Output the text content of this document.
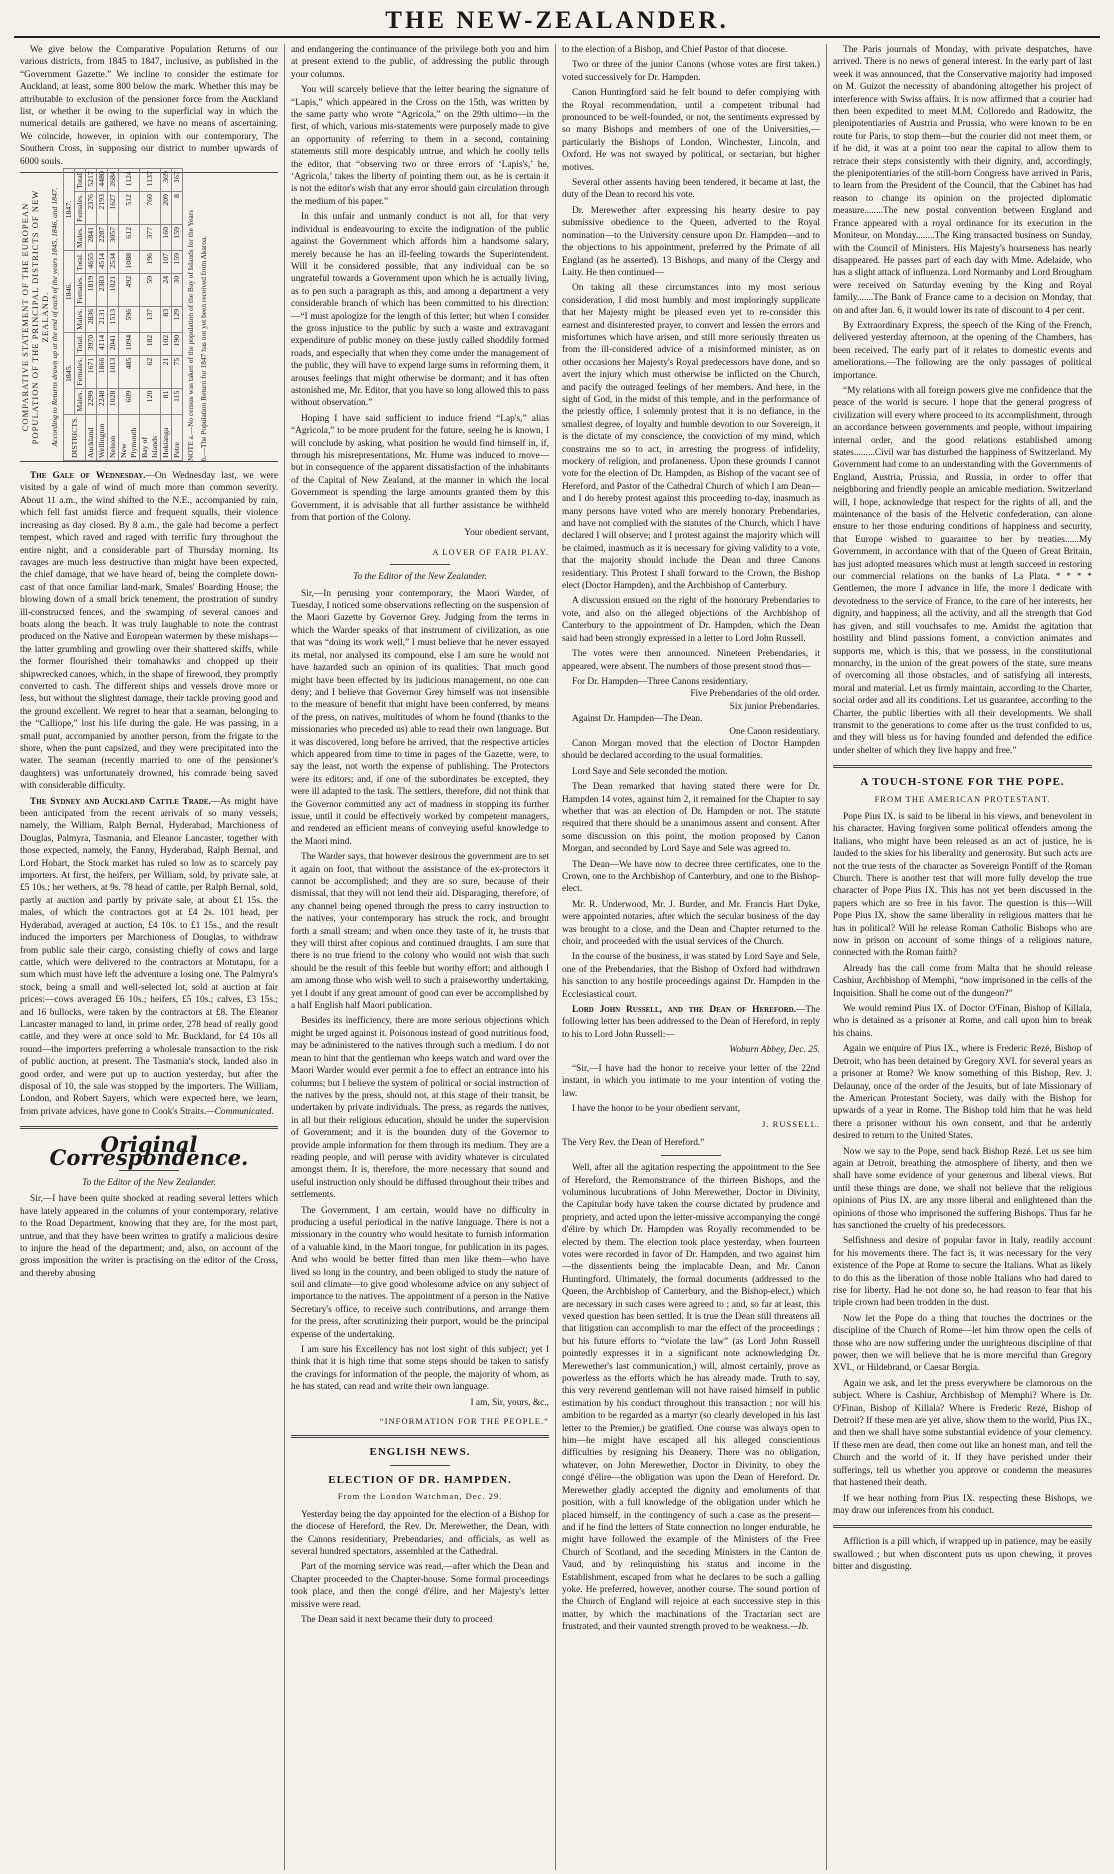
THE NEW-ZEALANDER.

We give below the Comparative Population Returns of our various districts, from 1845 to 1847, inclusive, as published in the “Government Gazette.” We incline to consider the estimate for Auckland, at least, some 800 below the mark. Whether this may be attributable to exclusion of the pensioner force from the Auckland list, or whether it be owing to the superficial way in which the numerical details are gathered, we have no means of ascertaining. We coincide, however, in opinion with our contemporary, The Southern Cross, in supposing our district to number upwards of 6000 souls.

COMPARATIVE STATEMENT OF THE EUROPEAN POPULATION OF THE PRINCIPAL DISTRICTS OF NEW ZEALAND. According to Returns drawn up at the end of each of the years 1845, 1846, and 1847. DISTRICTS.	1845.			1846.			1847.		
	Males.	Females.	Total.	Males.	Females.	Total.	Males.	Females.	Total.
Auckland	2299	1671	3970	2836	1819	4655	2841	2376	5217
Wellington	2248	1866	4114	2131	2383	4514	2287	2193	4480
Nelson	1028	1013	2041	1513	1021	2534	3057	1627	2684
New Plymouth	609	485	1094	596	492	1088	612	512	1124
Bay of Islands	120	62	182	137	59	196	377	760	1137
Hokianga	81	21	102	83	24	107	160	209	369
Petre	115	75	190	129	30	159	159	8	167
NOTE a.—No census was taken of the population of the Bay of Islands for the Years b.—The Population Return for 1847 has not yet been received from Akaroa.

The Gale of Wednesday.—On Wednesday last, we were visited by a gale of wind of much more than common severity. About 11 a.m., the wind shifted to the N.E., accompanied by rain, which fell fast amidst fierce and frequent squalls, their violence increasing as day closed. By 8 a.m., the gale had become a perfect tempest, which raved and raged with terrific fury throughout the entire night, and a considerable part of Thursday morning. Its ravages are much less destructive than might have been expected, the chief damage, that we have heard of, being the complete down-cast of that once familiar land-mark, Smales' Boarding House; the blowing down of a small brick tenement, the prostration of sundry ill-constructed fences, and the swamping of several canoes and boats along the beach. It was truly laughable to note the contrast produced on the Native and European watermen by these mishaps—the latter grumbling and growling over their shattered skiffs, while the former flourished their tomahawks and chopped up their shipwrecked canoes, which, in the shape of firewood, they promptly converted to cash. The different ships and vessels drove more or less, but without the slightest damage, their tackle proving good and the ground excellent. We regret to hear that a seaman, belonging to the “Calliope,” lost his life during the gale. He was passing, in a small punt, accompanied by another person, from the frigate to the shore, when the punt capsized, and they were precipitated into the water. The seaman (recently married to one of the pensioner's daughters) was unfortunately drowned, his comrade being saved with considerable difficulty.

The Sydney and Auckland Cattle Trade.—As might have been anticipated from the recent arrivals of so many vessels, namely, the William, Ralph Bernal, Hyderabad, Marchioness of Douglas, Palmyra, Tasmania, and Eleanor Lancaster, together with those expected, namely, the Fanny, Hyderabad, Ralph Bernal, and Lord Hobart, the Stock market has ruled so low as to scarcely pay importers. At first, the heifers, per William, sold, by private sale, at £5 10s.; her wethers, at 9s. 78 head of cattle, per Ralph Bernal, sold, partly at auction and partly by private sale, at about £1 15s. the males, of which the contractors got at £4 2s. 101 head, per Hyderabad, averaged at auction, £4 10s. to £1 15s., and the result induced the importers per Marchioness of Douglas, to withdraw from public sale their cargo, consisting chiefly of cows and large cattle, which were delivered to the contractors at Motutapu, for a sum which must have left the adventure a losing one. The Palmyra's stock, being a small and well-selected lot, sold at auction at fair prices:—cows averaged £6 10s.; heifers, £5 10s.; calves, £3 15s.; and 16 bullocks, were taken by the contractors at £8. The Eleanor Lancaster managed to land, in prime order, 278 head of really good cattle, and they were at once sold to Mr. Buckland, for £4 10s all round—the importers preferring a wholesale transaction to the risk of public auction, at present. The Tasmania's stock, landed also in good order, and were put up to auction yesterday, but after the disposal of 10, the sale was stopped by the importers. The William, London, and Robert Sayers, which were expected here, we learn, from private advices, have gone to Cook's Straits.—Communicated.

Original Correspondence.
To the Editor of the New Zealander.

Sir,—I have been quite shocked at reading several letters which have lately appeared in the columns of your contemporary, relative to the Road Department, knowing that they are, for the most part, untrue, and that they have been written to gratify a malicious desire to injure the head of the department; and, also, on account of the gross imposition the writer is practising on the editor of the Cross, and thereby abusing

and endangering the continuance of the privilege both you and him at present extend to the public, of addressing the public through your columns.

You will scarcely believe that the letter bearing the signature of “Lapis,” which appeared in the Cross on the 15th, was written by the same party who wrote “Agricola,” on the 29th ultimo—in the first, of which, various mis-statements were purposely made to give an opportunity of referring to them in a second, containing statements still more despicably untrue, and which he coolly tells the editor, that “observing two or three errors of ‘Lapis's,’ he, ‘Agricola,’ takes the liberty of pointing them out, as he is certain it is not the editor's wish that any error should gain circulation through the medium of his paper.”

In this unfair and unmanly conduct is not all, for that very individual is endeavouring to excite the indignation of the public against the Government which affords him a handsome salary, merely because he has an ill-feeling towards the Superintendent. Will it be considered possible, that any individual can be so ungrateful towards a Government upon which he is actually living, as to pen such a paragraph as this, and among a department a very considerable branch of which has been committed to his direction:—“I must apologize for the length of this letter; but when I consider the gross injustice to the public by such a waste and extravagant expenditure of public money on these justly called shoddily formed roads, and especially that when they come under the management of the public, they will have to expend large sums in reforming them, it arouses feelings that might otherwise be dormant; and it has often astonished me, Mr. Editor, that you have so long allowed this to pass without observation.”

Hoping I have said sufficient to induce friend “Lap's,” alias “Agricola,” to be more prudent for the future, seeing he is known, I will conclude by asking, what position he would find himself in, if, through his misrepresentations, Mr. Hume was induced to move—but in consequence of the apparent dissatisfaction of the inhabitants of the Capital of New Zealand, at the manner in which the local Government is spending the large amounts granted them by this Government, it is advisable that all further assistance be withheld from that portion of the Colony.

Your obedient servant,
A LOVER OF FAIR PLAY.
To the Editor of the New Zealander.

Sir,—In perusing your contemporary, the Maori Warder, of Tuesday, I noticed some observations reflecting on the suspension of the Maori Gazette by Governor Grey. Judging from the terms in which the Warder speaks of that instrument of civilization, as one that was “doing its work well,” I must believe that he never essayed its metal, nor analysed its compound, else I am sure he would not have hazarded such an opinion of its qualities. That much good might have been effected by its judicious management, no one can deny; and I believe that Governor Grey himself was not insensible to the measure of benefit that might have been conferred, by means of the press, on natives, multitudes of whom he found (thanks to the missionaries who preceded us) able to read their own language. But it was discovered, long before he arrived, that the respective articles which appeared from time to time in pages of the Gazette, were, to say the least, not worth the expense of publishing. The Protectors were its editors; and, if one of the subordinates be excepted, they were ill adapted to the task. The settlers, therefore, did not think that the Governor committed any act of madness in stopping its further issue, until it could be effectively worked by competent managers, and rendered an efficient means of conveying useful knowledge to the Maori mind.

The Warder says, that however desirous the government are to set it again on foot, that without the assistance of the ex-protectors it cannot be accomplished; and they are so sure, because of their dismissal, that they will not lend their aid. Disparaging, therefore, of any channel being opened through the press to carry instruction to the natives, your contemporary has struck the rock, and brought forth a small stream; and when once they taste of it, he trusts that they will thirst after copious and continued draughts. I am sure that there is no true friend to the colony who would not wish that such should be the result of this feeble but worthy effort; and although I am among those who wish well to such a praiseworthy undertaking, yet I doubt if any great amount of good can ever be accomplished by a half English half Maori publication.

Besides its inefficiency, there are more serious objections which might be urged against it. Poisonous instead of good nutritious food, may be administered to the natives through such a medium. I do not mean to hint that the gentleman who keeps watch and ward over the Maori Warder would ever permit a foe to effect an entrance into his columns; but I believe the system of political or social instruction of the natives by the press, should not, at this stage of their transit, be undertaken by private individuals. The press, as regards the natives, in all but their religious education, should be under the supervision of Government; and it is the bounden duty of the Governor to provide ample information for them through its medium. They are a reading people, and will peruse with avidity whatever is circulated amongst them. It is, therefore, the more necessary that sound and useful instruction only should be diffused throughout their tribes and settlements.

The Government, I am certain, would have no difficulty in producing a useful periodical in the native language. There is not a missionary in the country who would hesitate to furnish information of a valuable kind, in the Maori tongue, for publication in its pages. And who would be better fitted than men like them—who have lived so long in the country, and been obliged to study the nature of soil and climate—to give good wholesome advice on any subject of importance to the natives. The appointment of a person in the Native Secretary's office, to receive such contributions, and arrange them for the press, after scrutinizing their purport, would be the principal expense of the undertaking.

I am sure his Excellency has not lost sight of this subject; yet I think that it is high time that some steps should be taken to satisfy the cravings for information of the people, the majority of whom, as he has stated, can read and write their own language.

I am, Sir, yours, &c.,
“INFORMATION FOR THE PEOPLE.”
ENGLISH NEWS.
ELECTION OF DR. HAMPDEN.
From the London Watchman, Dec. 29.

Yesterday being the day appointed for the election of a Bishop for the diocese of Hereford, the Rev. Dr. Merewether, the Dean, with the Canons residentiary, Prebendaries, and officials, as well as several hundred spectators, assembled at the Cathedral.

Part of the morning service was read,—after which the Dean and Chapter proceeded to the Chapter-house. Some formal proceedings took place, and then the congé d'élire, and her Majesty's letter missive were read.

The Dean said it next became their duty to proceed

to the election of a Bishop, and Chief Pastor of that diocese.

Two or three of the junior Canons (whose votes are first taken.) voted successively for Dr. Hampden.

Canon Huntingford said he felt bound to defer complying with the Royal recommendation, until a competent tribunal had pronounced to be well-founded, or not, the sentiments expressed by so many Bishops and members of one of the Universities,—particularly the Bishops of London, Winchester, Lincoln, and Oxford. He was not swayed by political, or sectarian, but higher motives.

Several other assents having been tendered, it became at last, the duty of the Dean to record his vote.

Dr. Merewether after expressing his hearty desire to pay submissive obedience to the Queen, adverted to the Royal nomination—to the University censure upon Dr. Hampden—and to the objections to his appointment, preferred by the Primate of all England (as he asserted). 13 Bishops, and many of the Clergy and Laity. He then continued—

On taking all these circumstances into my most serious consideration, I did most humbly and most imploringly supplicate that her Majesty might be pleased even yet to re-consider this earnest and disinterested prayer, to convert and lessen the errors and misfortunes which have arisen, and still more seriously threaten us from the ill-considered advice of a misinformed minister, as on other occasions her Majesty's Royal predecessors have done, and so avert the injury which must otherwise be inflicted on the Church, and pacify the outraged feelings of her members. And here, in the sight of God, in the midst of this temple, and in the performance of the priestly office, I solemnly protest that it is no defiance, in the smallest degree, of loyalty and humble devotion to our Sovereign, it is the dictate of my conscience, the conviction of my mind, which constrains me so to act, in arresting the progress of infidelity, mockery of religion, and profaneness. Upon these grounds I cannot vote for the election of Dr. Hampden, as Bishop of the vacant see of Hereford, and Pastor of the Cathedral Church of which I am Dean—and I do hereby protest against this proceeding to-day, inasmuch as many persons have voted who are merely honorary Prebendaries, and have not complied with the statutes of the Church, which I have declared I will observe; and I protest against the majority which will be claimed, inasmuch as it is necessary for giving validity to a vote, that the majority should include the Dean and three Canons residentiary. This Protest I shall forward to the Crown, the Bishop elect (Doctor Hampden), and the Archbishop of Canterbury.

A discussion ensued on the right of the honorary Prebendaries to vote, and also on the alleged objections of the Archbishop of Canterbury to the appointment of Dr. Hampden, which the Dean said had been strongly expressed in a letter to Lord John Russell.

The votes were then announced. Nineteen Prebendaries, it appeared, were absent. The numbers of those present stood thus—

For Dr. Hampden—Three Canons residentiary.

Five Prebendaries of the old order.

Six junior Prebendaries.

Against Dr. Hampden—The Dean.

One Canon residentiary.

Canon Morgan moved that the election of Doctor Hampden should be declared according to the usual formalities.

Lord Saye and Sele seconded the motion.

The Dean remarked that having stated there were for Dr. Hampden 14 votes, against him 2, it remained for the Chapter to say whether that was an election of Dr. Hampden or not. The statute required that there should be a unanimous assent and consent. After some discussion on this point, the motion proposed by Canon Morgan, and seconded by Lord Saye and Sele was agreed to.

The Dean—We have now to decree three certificates, one to the Crown, one to the Archbishop of Canterbury, and one to the Bishop-elect.

Mr. R. Underwood, Mr. J. Burder, and Mr. Francis Hart Dyke, were appointed notaries, after which the secular business of the day was brought to a close, and the Dean and Chapter returned to the choir, and proceeded with the usual services of the Church.

In the course of the business, it was stated by Lord Saye and Sele, one of the Prebendaries, that the Bishop of Oxford had withdrawn his sanction to any hostile proceedings against Dr. Hampden in the Ecclesiastical court.

Lord John Russell, and the Dean of Hereford.—The following letter has been addressed to the Dean of Hereford, in reply to his to Lord John Russell:—

Woburn Abbey, Dec. 25.

“Sir,—I have had the honor to receive your letter of the 22nd instant, in which you intimate to me your intention of voting the law.

I have the honor to be your obedient servant,

J. RUSSELL.

The Very Rev. the Dean of Hereford.”

Well, after all the agitation respecting the appointment to the See of Hereford, the Remonstrance of the thirteen Bishops, and the voluminous lucubrations of John Merewether, Doctor in Divinity, the Capitular body have taken the course dictated by prudence and propriety, and acted upon the letter-missive accompanying the congé d'élire by which Dr. Hampden was Royally recommended to be elected by them. The election took place yesterday, when fourteen votes were recorded in favor of Dr. Hampden, and two against him—the dissentients being the implacable Dean, and Mr. Canon Huntingford. Ultimately, the formal documents (addressed to the Queen, the Archbishop of Canterbury, and the Bishop-elect,) which are necessary in such cases were agreed to ; and, so far at least, this vexed question has been settled. It is true the Dean still threatens all that litigation can accomplish to mar the effect of the proceedings ; but his future efforts to “violate the law” (as Lord John Russell pointedly expresses it in a significant note acknowledging Dr. Merewether's last communication,) will, almost certainly, prove as powerless as the efforts which he has already made. Truth to say, this very reverend gentleman will not have raised himself in public estimation by his conduct throughout this transaction ; nor will his ambition to be regarded as a martyr (so clearly developed in his last letter to the Premier,) be gratified. One course was always open to him—he might have escaped all his alleged conscientious difficulties by resigning his Deanery. There was no obligation, whatever, on John Merewether, Doctor in Divinity, to obey the congé d'élire—the obligation was upon the Dean of Hereford. Dr. Merewether gladly accepted the dignity and emoluments of that position, with a full knowledge of the obligation under which he placed himself, in the contingency of such a case as the present—and if he find the letters of State connection no longer endurable, he might have followed the example of the Ministers of the Free Church of Scotland, and the seceding Ministers in the Canton de Vaud, and by relinquishing his status and income in the Establishment, escaped from what he declares to be such a galling yoke. He preferred, however, another course. The sound portion of the Church of England will rejoice at each successive step in this matter, by which the machinations of the Tractarian sect are frustrated, and their vaunted strength proved to be weakness.—Ib.

The Paris journals of Monday, with private despatches, have arrived. There is no news of general interest. In the early part of last week it was announced, that the Conservative majority had imposed on M. Guizot the necessity of abandoning altogether his project of interference with Swiss affairs. It is now affirmed that a courier had then been expedited to meet M.M. Colloredo and Radowitz, the plenipotentiaries of Austria and Prussia, who were known to be en route for Paris, to stop them—but the courier did not meet them, or if he did, it was at a point too near the capital to allow them to retrace their steps consistently with their dignity, and, accordingly, the plenipotentiaries of the still-born Congress have arrived in Paris, to learn from the President of the Council, that the Cabinet has had reason to change its opinion on the projected diplomatic measure........The new postal convention between England and France appeared with a royal ordinance for its execution in the Moniteur, on Monday........The King transacted business on Sunday, with the Council of Ministers. His Majesty's hoarseness has nearly disappeared. He passes part of each day with Mme. Adelaide, who has a slight attack of influenza. Lord Normanby and Lord Brougham were received on Saturday evening by the King and Royal family.......The Bank of France came to a decision on Monday, that on and after Jan. 6, it would lower its rate of discount to 4 per cent.

By Extraordinary Express, the speech of the King of the French, delivered yesterday afternoon, at the opening of the Chambers, has been received. The early part of it relates to domestic events and ameliorations.—The following are the only passages of political importance.

“My relations with all foreign powers give me confidence that the peace of the world is secure. I hope that the general progress of civilization will every where proceed to its accomplishment, through an accordance between governments and people, without impairing internal order, and the good relations established among states.........Civil war has disturbed the happiness of Switzerland. My Government had come to an understanding with the Governments of England, Austria, Prussia, and Russia, in order to offer that neighboring and friendly people an amicable mediation. Switzerland will, I hope, acknowledge that respect for the rights of all, and the maintenance of the basis of the Helvetic confederation, can alone ensure to her those enduring conditions of happiness and security, that Europe wished to guarantee to her by treaties......My Government, in accordance with that of the Queen of Great Britain, has just adopted measures which must at length succeed in restoring our commercial relations on the banks of La Plata. * * * * Gentlemen, the more I advance in life, the more I dedicate with devotedness to the service of France, to the care of her interests, her dignity, and happiness, all the activity, and all the strength that God has given, and still vouchsafes to me. Amidst the agitation that hostility and blind passions foment, a conviction animates and supports me, which is this, that we possess, in the constitutional monarchy, in the union of the great powers of the state, sure means of overcoming all those obstacles, and of satisfying all interests, moral and material. Let us firmly maintain, according to the Charter, social order and all its conditions. Let us guarantee, according to the Charter, the public liberties with all their developments. We shall transmit to the generations to come after us the trust confided to us, and they will bless us for having founded and defended the edifice under shelter of which they live happy and free.”

A TOUCH-STONE FOR THE POPE.
FROM THE AMERICAN PROTESTANT.

Pope Pius IX. is said to be liberal in his views, and benevolent in his character. Having forgiven some political offenders among the Italians, who might have been released as an act of justice, he is lauded to the skies for his liberality and generosity. But such acts are not the true tests of the character as Sovereign Pontiff of the Roman Church. There is another test that will more fully develop the true character of Pope Pius IX. This has not yet been discussed in the papers which are so free in his favor. The question is this—Will Pope Pius IX. show the same liberality in religious matters that he has in political? Will he release Roman Catholic Bishops who are now in prison on account of some things of a religious nature, connected with the Roman faith?

Already has the call come from Malta that he should release Cashiur, Archbishop of Memphi, “now imprisoned in the cells of the Inquisition. Shall he come out of the dungeon?”

We would remind Pius IX. of Doctor O'Finan, Bishop of Killala, who is detained as a prisoner at Rome, and call upon him to break his chains.

Again we enquire of Pius IX., where is Frederic Rezé, Bishop of Detroit, who has been detained by Gregory XVI. for several years as a prisoner at Rome? We know something of this Bishop, Rev. J. Delaunay, once of the order of the Jesuits, but of late Missionary of the American Protestant Society, was daily with the Bishop for upwards of a year in Rome. The Bishop told him that he was held there a prisoner without his own consent, and that he ardently desired to return to the United States.

Now we say to the Pope, send back Bishop Rezé. Let us see him again at Detroit, breathing the atmosphere of liberty, and then we shall have some evidence of your generous and liberal views. But until these things are done, we shall not believe that the religious opinions of Pius IX. are any more liberal and enlightened than the opinions of those who imprisoned the suffering Bishops. Thus far he has sanctioned the cruelty of his predecessors.

Selfishness and desire of popular favor in Italy, readily account for his movements there. The fact is, it was necessary for the very existence of the Pope at Rome to secure the Italians. What as likely to do this as the liberation of those noble Italians who had dared to rise for liberty. Had he not done so, he had reason to fear that his triple crown had been trodden in the dust.

Now let the Pope do a thing that touches the doctrines or the discipline of the Church of Rome—let him throw open the cells of those who are now suffering under the unrighteous discipline of that power, then we will believe that he is more merciful than Gregory XVI., or Hildebrand, or Caesar Borgia.

Again we ask, and let the press everywhere be clamorous on the subject. Where is Cashiur, Archbishop of Memphi? Where is Dr. O'Finan, Bishop of Killala? Where is Frederic Rezé, Bishop of Detroit? If these men are yet alive, show them to the world, Pius IX., and then we shall have some substantial evidence of your clemency. If these men are dead, then come out like an honest man, and tell the Church and the world of it. If they have perished under their sufferings, tell us whether you approve or condemn the measures that hastened their death.

If we hear nothing from Pius IX. respecting these Bishops, we may draw our inferences from his conduct.

Affliction is a pill which, if wrapped up in patience, may be easily swallowed ; but when discontent puts us upon chewing, it proves bitter and disgusting.
